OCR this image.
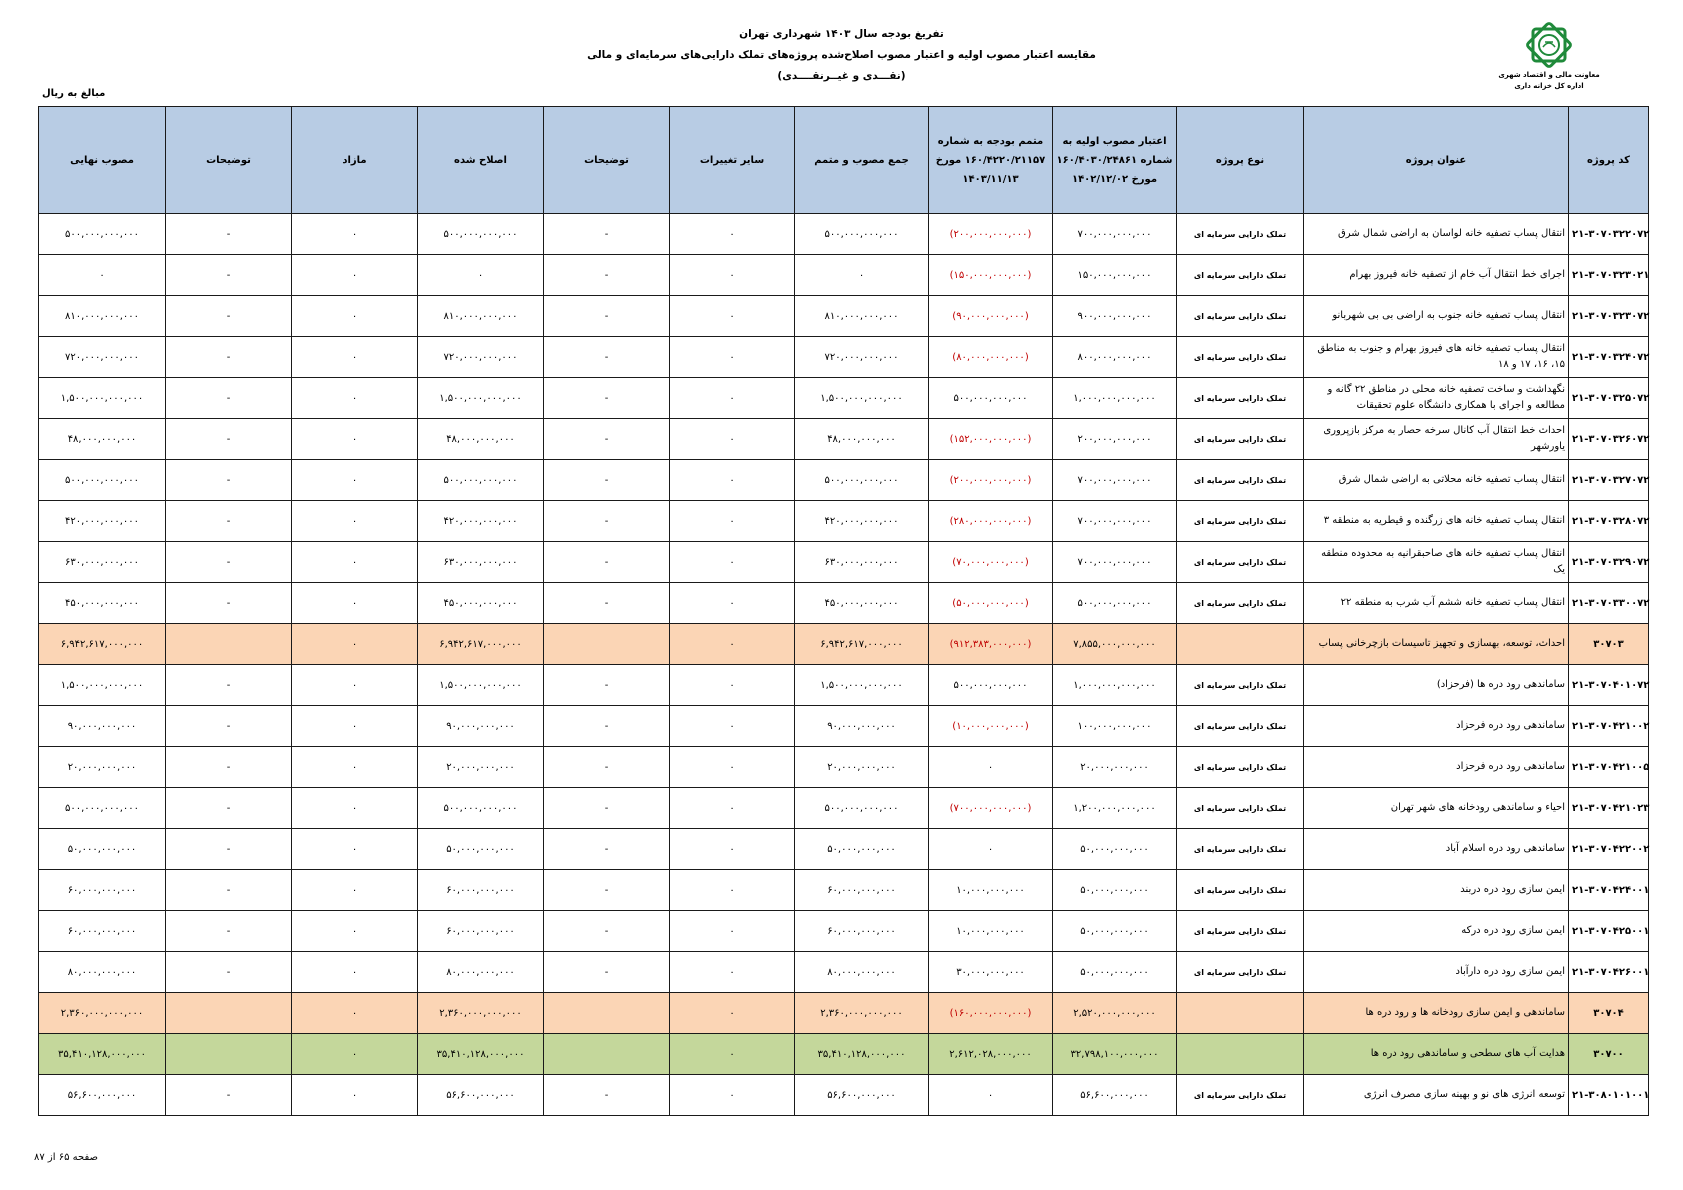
تفریغ بودجه سال ۱۴۰۳ شهرداری تهران
مقایسه اعتبار مصوب اولیه و اعتبار مصوب اصلاح‌شده پروژه‌های تملک دارایی‌های سرمایه‌ای و مالی
(نقـــدی و غیــرنقــــدی)	معاونت مالی و اقتصاد شهری
اداره کل خزانه داری
مبالغ به ریال
کد پروژه	عنوان پروژه	نوع پروژه	اعتبار مصوب اولیه به شماره ۱۶۰/۴۰۳۰/۲۴۸۶۱ مورخ ۱۴۰۲/۱۲/۰۲	متمم بودجه به شماره ۱۶۰/۴۲۲۰/۲۱۱۵۷ مورخ ۱۴۰۳/۱۱/۱۳	جمع مصوب و متمم	سایر تغییرات	توضیحات	اصلاح شده	مازاد	توضیحات	مصوب نهایی
۲۱-۳۰۷۰۳۲۲۰۷۲	انتقال پساب تصفیه خانه لواسان به اراضی شمال شرق	تملک دارایی سرمایه ای	۷۰۰,۰۰۰,۰۰۰,۰۰۰	(۲۰۰,۰۰۰,۰۰۰,۰۰۰)	۵۰۰,۰۰۰,۰۰۰,۰۰۰	۰	-	۵۰۰,۰۰۰,۰۰۰,۰۰۰	۰	-	۵۰۰,۰۰۰,۰۰۰,۰۰۰
۲۱-۳۰۷۰۳۲۳۰۲۱	اجرای خط انتقال آب خام از تصفیه خانه فیروز بهرام	تملک دارایی سرمایه ای	۱۵۰,۰۰۰,۰۰۰,۰۰۰	(۱۵۰,۰۰۰,۰۰۰,۰۰۰)	۰	۰	-	۰	۰	-	۰
۲۱-۳۰۷۰۳۲۳۰۷۲	انتقال پساب تصفیه خانه جنوب به اراضی بی بی شهربانو	تملک دارایی سرمایه ای	۹۰۰,۰۰۰,۰۰۰,۰۰۰	(۹۰,۰۰۰,۰۰۰,۰۰۰)	۸۱۰,۰۰۰,۰۰۰,۰۰۰	۰	-	۸۱۰,۰۰۰,۰۰۰,۰۰۰	۰	-	۸۱۰,۰۰۰,۰۰۰,۰۰۰
۲۱-۳۰۷۰۳۲۴۰۷۲	انتقال پساب تصفیه خانه های فیروز بهرام و جنوب به مناطق ۱۵، ۱۶، ۱۷ و ۱۸	تملک دارایی سرمایه ای	۸۰۰,۰۰۰,۰۰۰,۰۰۰	(۸۰,۰۰۰,۰۰۰,۰۰۰)	۷۲۰,۰۰۰,۰۰۰,۰۰۰	۰	-	۷۲۰,۰۰۰,۰۰۰,۰۰۰	۰	-	۷۲۰,۰۰۰,۰۰۰,۰۰۰
۲۱-۳۰۷۰۳۲۵۰۷۲	نگهداشت و ساخت تصفیه خانه محلی در مناطق ۲۲ گانه و مطالعه و اجرای با همکاری دانشگاه علوم تحقیقات	تملک دارایی سرمایه ای	۱,۰۰۰,۰۰۰,۰۰۰,۰۰۰	۵۰۰,۰۰۰,۰۰۰,۰۰۰	۱,۵۰۰,۰۰۰,۰۰۰,۰۰۰	۰	-	۱,۵۰۰,۰۰۰,۰۰۰,۰۰۰	۰	-	۱,۵۰۰,۰۰۰,۰۰۰,۰۰۰
۲۱-۳۰۷۰۳۲۶۰۷۲	احداث خط انتقال آب کانال سرخه حصار به مرکز بازپروری یاورشهر	تملک دارایی سرمایه ای	۲۰۰,۰۰۰,۰۰۰,۰۰۰	(۱۵۲,۰۰۰,۰۰۰,۰۰۰)	۴۸,۰۰۰,۰۰۰,۰۰۰	۰	-	۴۸,۰۰۰,۰۰۰,۰۰۰	۰	-	۴۸,۰۰۰,۰۰۰,۰۰۰
۲۱-۳۰۷۰۳۲۷۰۷۲	انتقال پساب تصفیه خانه محلاتی به اراضی شمال شرق	تملک دارایی سرمایه ای	۷۰۰,۰۰۰,۰۰۰,۰۰۰	(۲۰۰,۰۰۰,۰۰۰,۰۰۰)	۵۰۰,۰۰۰,۰۰۰,۰۰۰	۰	-	۵۰۰,۰۰۰,۰۰۰,۰۰۰	۰	-	۵۰۰,۰۰۰,۰۰۰,۰۰۰
۲۱-۳۰۷۰۳۲۸۰۷۲	انتقال پساب تصفیه خانه های زرگنده و قیطریه به منطقه ۳	تملک دارایی سرمایه ای	۷۰۰,۰۰۰,۰۰۰,۰۰۰	(۲۸۰,۰۰۰,۰۰۰,۰۰۰)	۴۲۰,۰۰۰,۰۰۰,۰۰۰	۰	-	۴۲۰,۰۰۰,۰۰۰,۰۰۰	۰	-	۴۲۰,۰۰۰,۰۰۰,۰۰۰
۲۱-۳۰۷۰۳۲۹۰۷۲	انتقال پساب تصفیه خانه های صاحبقرانیه به محدوده منطقه یک	تملک دارایی سرمایه ای	۷۰۰,۰۰۰,۰۰۰,۰۰۰	(۷۰,۰۰۰,۰۰۰,۰۰۰)	۶۳۰,۰۰۰,۰۰۰,۰۰۰	۰	-	۶۳۰,۰۰۰,۰۰۰,۰۰۰	۰	-	۶۳۰,۰۰۰,۰۰۰,۰۰۰
۲۱-۳۰۷۰۳۳۰۰۷۲	انتقال پساب تصفیه خانه ششم آب شرب به منطقه ۲۲	تملک دارایی سرمایه ای	۵۰۰,۰۰۰,۰۰۰,۰۰۰	(۵۰,۰۰۰,۰۰۰,۰۰۰)	۴۵۰,۰۰۰,۰۰۰,۰۰۰	۰	-	۴۵۰,۰۰۰,۰۰۰,۰۰۰	۰	-	۴۵۰,۰۰۰,۰۰۰,۰۰۰
۳۰۷۰۳	احداث، توسعه، بهسازی و تجهیز تاسیسات بازچرخانی پساب		۷,۸۵۵,۰۰۰,۰۰۰,۰۰۰	(۹۱۲,۳۸۳,۰۰۰,۰۰۰)	۶,۹۴۲,۶۱۷,۰۰۰,۰۰۰	۰		۶,۹۴۲,۶۱۷,۰۰۰,۰۰۰	۰		۶,۹۴۲,۶۱۷,۰۰۰,۰۰۰
۲۱-۳۰۷۰۴۰۱۰۷۲	ساماندهی رود دره ها (فرحزاد)	تملک دارایی سرمایه ای	۱,۰۰۰,۰۰۰,۰۰۰,۰۰۰	۵۰۰,۰۰۰,۰۰۰,۰۰۰	۱,۵۰۰,۰۰۰,۰۰۰,۰۰۰	۰	-	۱,۵۰۰,۰۰۰,۰۰۰,۰۰۰	۰	-	۱,۵۰۰,۰۰۰,۰۰۰,۰۰۰
۲۱-۳۰۷۰۴۲۱۰۰۲	ساماندهی رود دره فرحزاد	تملک دارایی سرمایه ای	۱۰۰,۰۰۰,۰۰۰,۰۰۰	(۱۰,۰۰۰,۰۰۰,۰۰۰)	۹۰,۰۰۰,۰۰۰,۰۰۰	۰	-	۹۰,۰۰۰,۰۰۰,۰۰۰	۰	-	۹۰,۰۰۰,۰۰۰,۰۰۰
۲۱-۳۰۷۰۴۲۱۰۰۵	ساماندهی رود دره فرحزاد	تملک دارایی سرمایه ای	۲۰,۰۰۰,۰۰۰,۰۰۰	۰	۲۰,۰۰۰,۰۰۰,۰۰۰	۰	-	۲۰,۰۰۰,۰۰۰,۰۰۰	۰	-	۲۰,۰۰۰,۰۰۰,۰۰۰
۲۱-۳۰۷۰۴۲۱۰۲۳	احیاء و ساماندهی رودخانه های شهر تهران	تملک دارایی سرمایه ای	۱,۲۰۰,۰۰۰,۰۰۰,۰۰۰	(۷۰۰,۰۰۰,۰۰۰,۰۰۰)	۵۰۰,۰۰۰,۰۰۰,۰۰۰	۰	-	۵۰۰,۰۰۰,۰۰۰,۰۰۰	۰	-	۵۰۰,۰۰۰,۰۰۰,۰۰۰
۲۱-۳۰۷۰۴۲۲۰۰۲	ساماندهی رود دره اسلام آباد	تملک دارایی سرمایه ای	۵۰,۰۰۰,۰۰۰,۰۰۰	۰	۵۰,۰۰۰,۰۰۰,۰۰۰	۰	-	۵۰,۰۰۰,۰۰۰,۰۰۰	۰	-	۵۰,۰۰۰,۰۰۰,۰۰۰
۲۱-۳۰۷۰۴۲۴۰۰۱	ایمن سازی رود دره دربند	تملک دارایی سرمایه ای	۵۰,۰۰۰,۰۰۰,۰۰۰	۱۰,۰۰۰,۰۰۰,۰۰۰	۶۰,۰۰۰,۰۰۰,۰۰۰	۰	-	۶۰,۰۰۰,۰۰۰,۰۰۰	۰	-	۶۰,۰۰۰,۰۰۰,۰۰۰
۲۱-۳۰۷۰۴۲۵۰۰۱	ایمن سازی رود دره درکه	تملک دارایی سرمایه ای	۵۰,۰۰۰,۰۰۰,۰۰۰	۱۰,۰۰۰,۰۰۰,۰۰۰	۶۰,۰۰۰,۰۰۰,۰۰۰	۰	-	۶۰,۰۰۰,۰۰۰,۰۰۰	۰	-	۶۰,۰۰۰,۰۰۰,۰۰۰
۲۱-۳۰۷۰۴۲۶۰۰۱	ایمن سازی رود دره دارآباد	تملک دارایی سرمایه ای	۵۰,۰۰۰,۰۰۰,۰۰۰	۳۰,۰۰۰,۰۰۰,۰۰۰	۸۰,۰۰۰,۰۰۰,۰۰۰	۰	-	۸۰,۰۰۰,۰۰۰,۰۰۰	۰	-	۸۰,۰۰۰,۰۰۰,۰۰۰
۳۰۷۰۴	ساماندهی و ایمن سازی رودخانه ها و رود دره ها		۲,۵۲۰,۰۰۰,۰۰۰,۰۰۰	(۱۶۰,۰۰۰,۰۰۰,۰۰۰)	۲,۳۶۰,۰۰۰,۰۰۰,۰۰۰	۰		۲,۳۶۰,۰۰۰,۰۰۰,۰۰۰	۰		۲,۳۶۰,۰۰۰,۰۰۰,۰۰۰
۳۰۷۰۰	هدایت آب های سطحی و ساماندهی رود دره ها		۳۲,۷۹۸,۱۰۰,۰۰۰,۰۰۰	۲,۶۱۲,۰۲۸,۰۰۰,۰۰۰	۳۵,۴۱۰,۱۲۸,۰۰۰,۰۰۰	۰		۳۵,۴۱۰,۱۲۸,۰۰۰,۰۰۰	۰		۳۵,۴۱۰,۱۲۸,۰۰۰,۰۰۰
۲۱-۳۰۸۰۱۰۱۰۰۱	توسعه انرژی های نو و بهینه سازی مصرف انرژی	تملک دارایی سرمایه ای	۵۶,۶۰۰,۰۰۰,۰۰۰	۰	۵۶,۶۰۰,۰۰۰,۰۰۰	۰	-	۵۶,۶۰۰,۰۰۰,۰۰۰	۰	-	۵۶,۶۰۰,۰۰۰,۰۰۰
صفحه ۶۵ از ۸۷
